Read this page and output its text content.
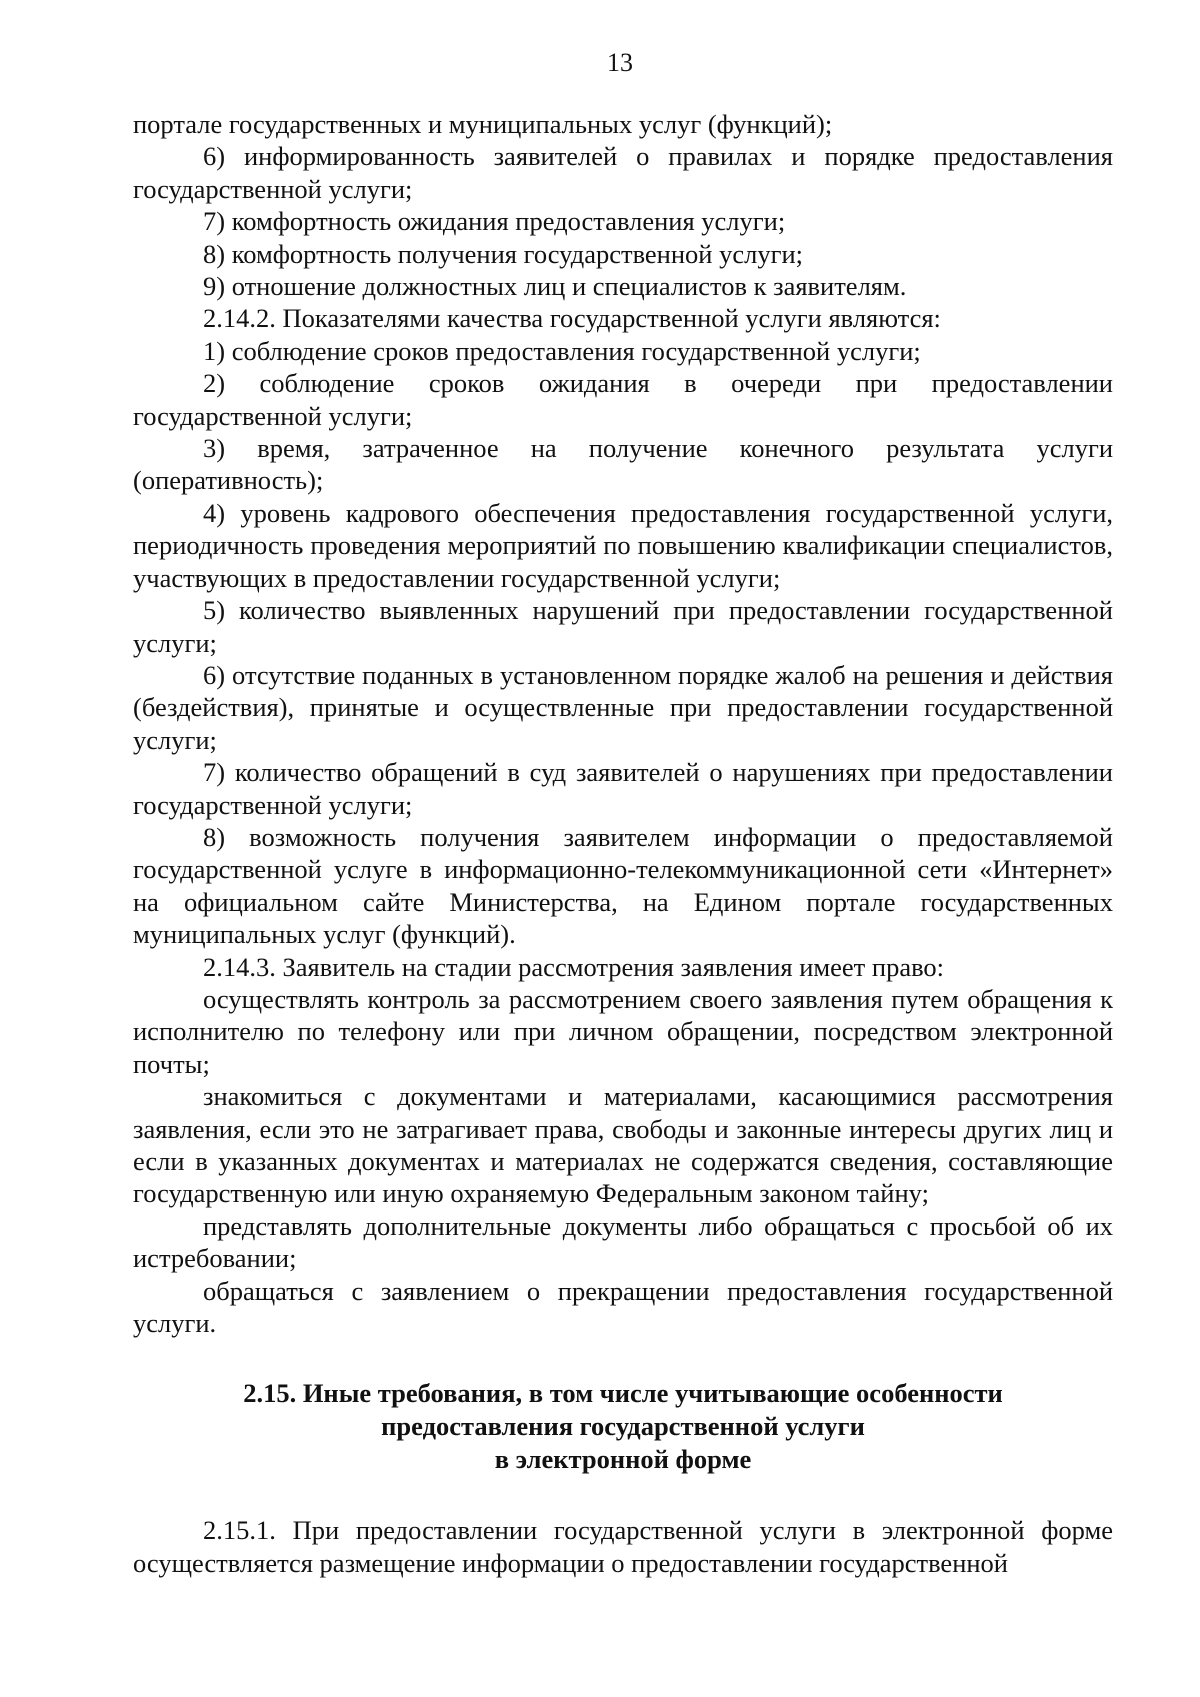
13

порталe государственных и муниципальных услуг (функций);

6) информированность заявителей о правилах и порядке предоставления государственной услуги;

7) комфортность ожидания предоставления услуги;

8) комфортность получения государственной услуги;

9) отношение должностных лиц и специалистов к заявителям.

2.14.2. Показателями качества государственной услуги являются:

1) соблюдение сроков предоставления государственной услуги;

2) соблюдение сроков ожидания в очереди при предоставлении государственной услуги;

3) время, затраченное на получение конечного результата услуги (оперативность);

4) уровень кадрового обеспечения предоставления государственной услуги, периодичность проведения мероприятий по повышению квалификации специалистов, участвующих в предоставлении государственной услуги;

5) количество выявленных нарушений при предоставлении государственной услуги;

6) отсутствие поданных в установленном порядке жалоб на решения и действия (бездействия), принятые и осуществленные при предоставлении государственной услуги;

7) количество обращений в суд заявителей о нарушениях при предоставлении государственной услуги;

8) возможность получения заявителем информации о предоставляемой государственной услуге в информационно-телекоммуникационной сети «Интернет» на официальном сайте Министерства, на Едином портале государственных муниципальных услуг (функций).

2.14.3. Заявитель на стадии рассмотрения заявления имеет право:

осуществлять контроль за рассмотрением своего заявления путем обращения к исполнителю по телефону или при личном обращении, посредством электронной почты;

знакомиться с документами и материалами, касающимися рассмотрения заявления, если это не затрагивает права, свободы и законные интересы других лиц и если в указанных документах и материалах не содержатся сведения, составляющие государственную или иную охраняемую Федеральным законом тайну;

представлять дополнительные документы либо обращаться с просьбой об их истребовании;

обращаться с заявлением о прекращении предоставления государственной услуги.

2.15. Иные требования, в том числе учитывающие особенности
предоставления государственной услуги
в электронной форме

2.15.1. При предоставлении государственной услуги в электронной форме осуществляется размещение информации о предоставлении государственной
